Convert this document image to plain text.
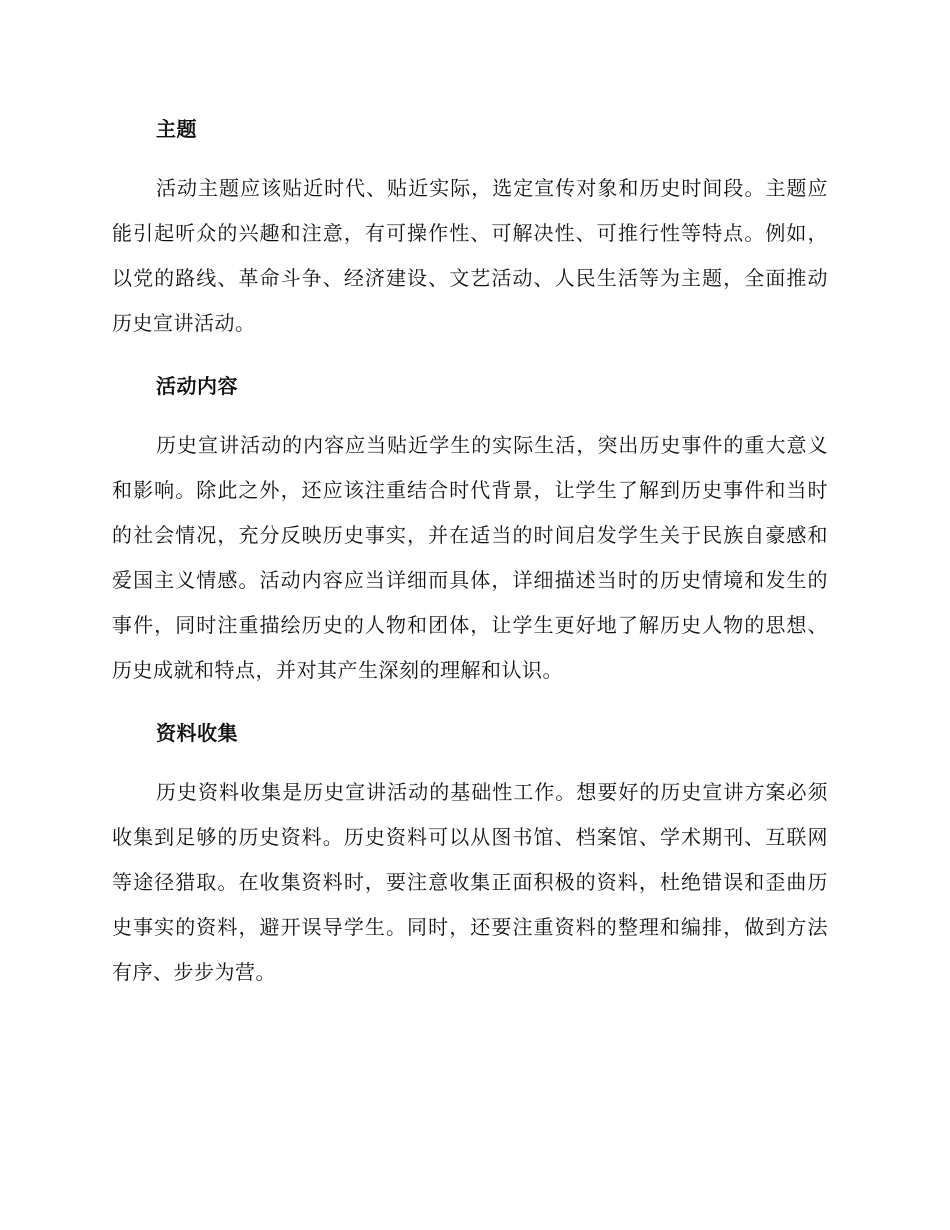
主题

活动主题应该贴近时代、贴近实际，选定宣传对象和历史时间段。主题应能引起听众的兴趣和注意，有可操作性、可解决性、可推行性等特点。例如，以党的路线、革命斗争、经济建设、文艺活动、人民生活等为主题，全面推动历史宣讲活动。

活动内容

历史宣讲活动的内容应当贴近学生的实际生活，突出历史事件的重大意义和影响。除此之外，还应该注重结合时代背景，让学生了解到历史事件和当时的社会情况，充分反映历史事实，并在适当的时间启发学生关于民族自豪感和爱国主义情感。活动内容应当详细而具体，详细描述当时的历史情境和发生的事件，同时注重描绘历史的人物和团体，让学生更好地了解历史人物的思想、历史成就和特点，并对其产生深刻的理解和认识。

资料收集

历史资料收集是历史宣讲活动的基础性工作。想要好的历史宣讲方案必须收集到足够的历史资料。历史资料可以从图书馆、档案馆、学术期刊、互联网等途径猎取。在收集资料时，要注意收集正面积极的资料，杜绝错误和歪曲历史事实的资料，避开误导学生。同时，还要注重资料的整理和编排，做到方法有序、步步为营。
